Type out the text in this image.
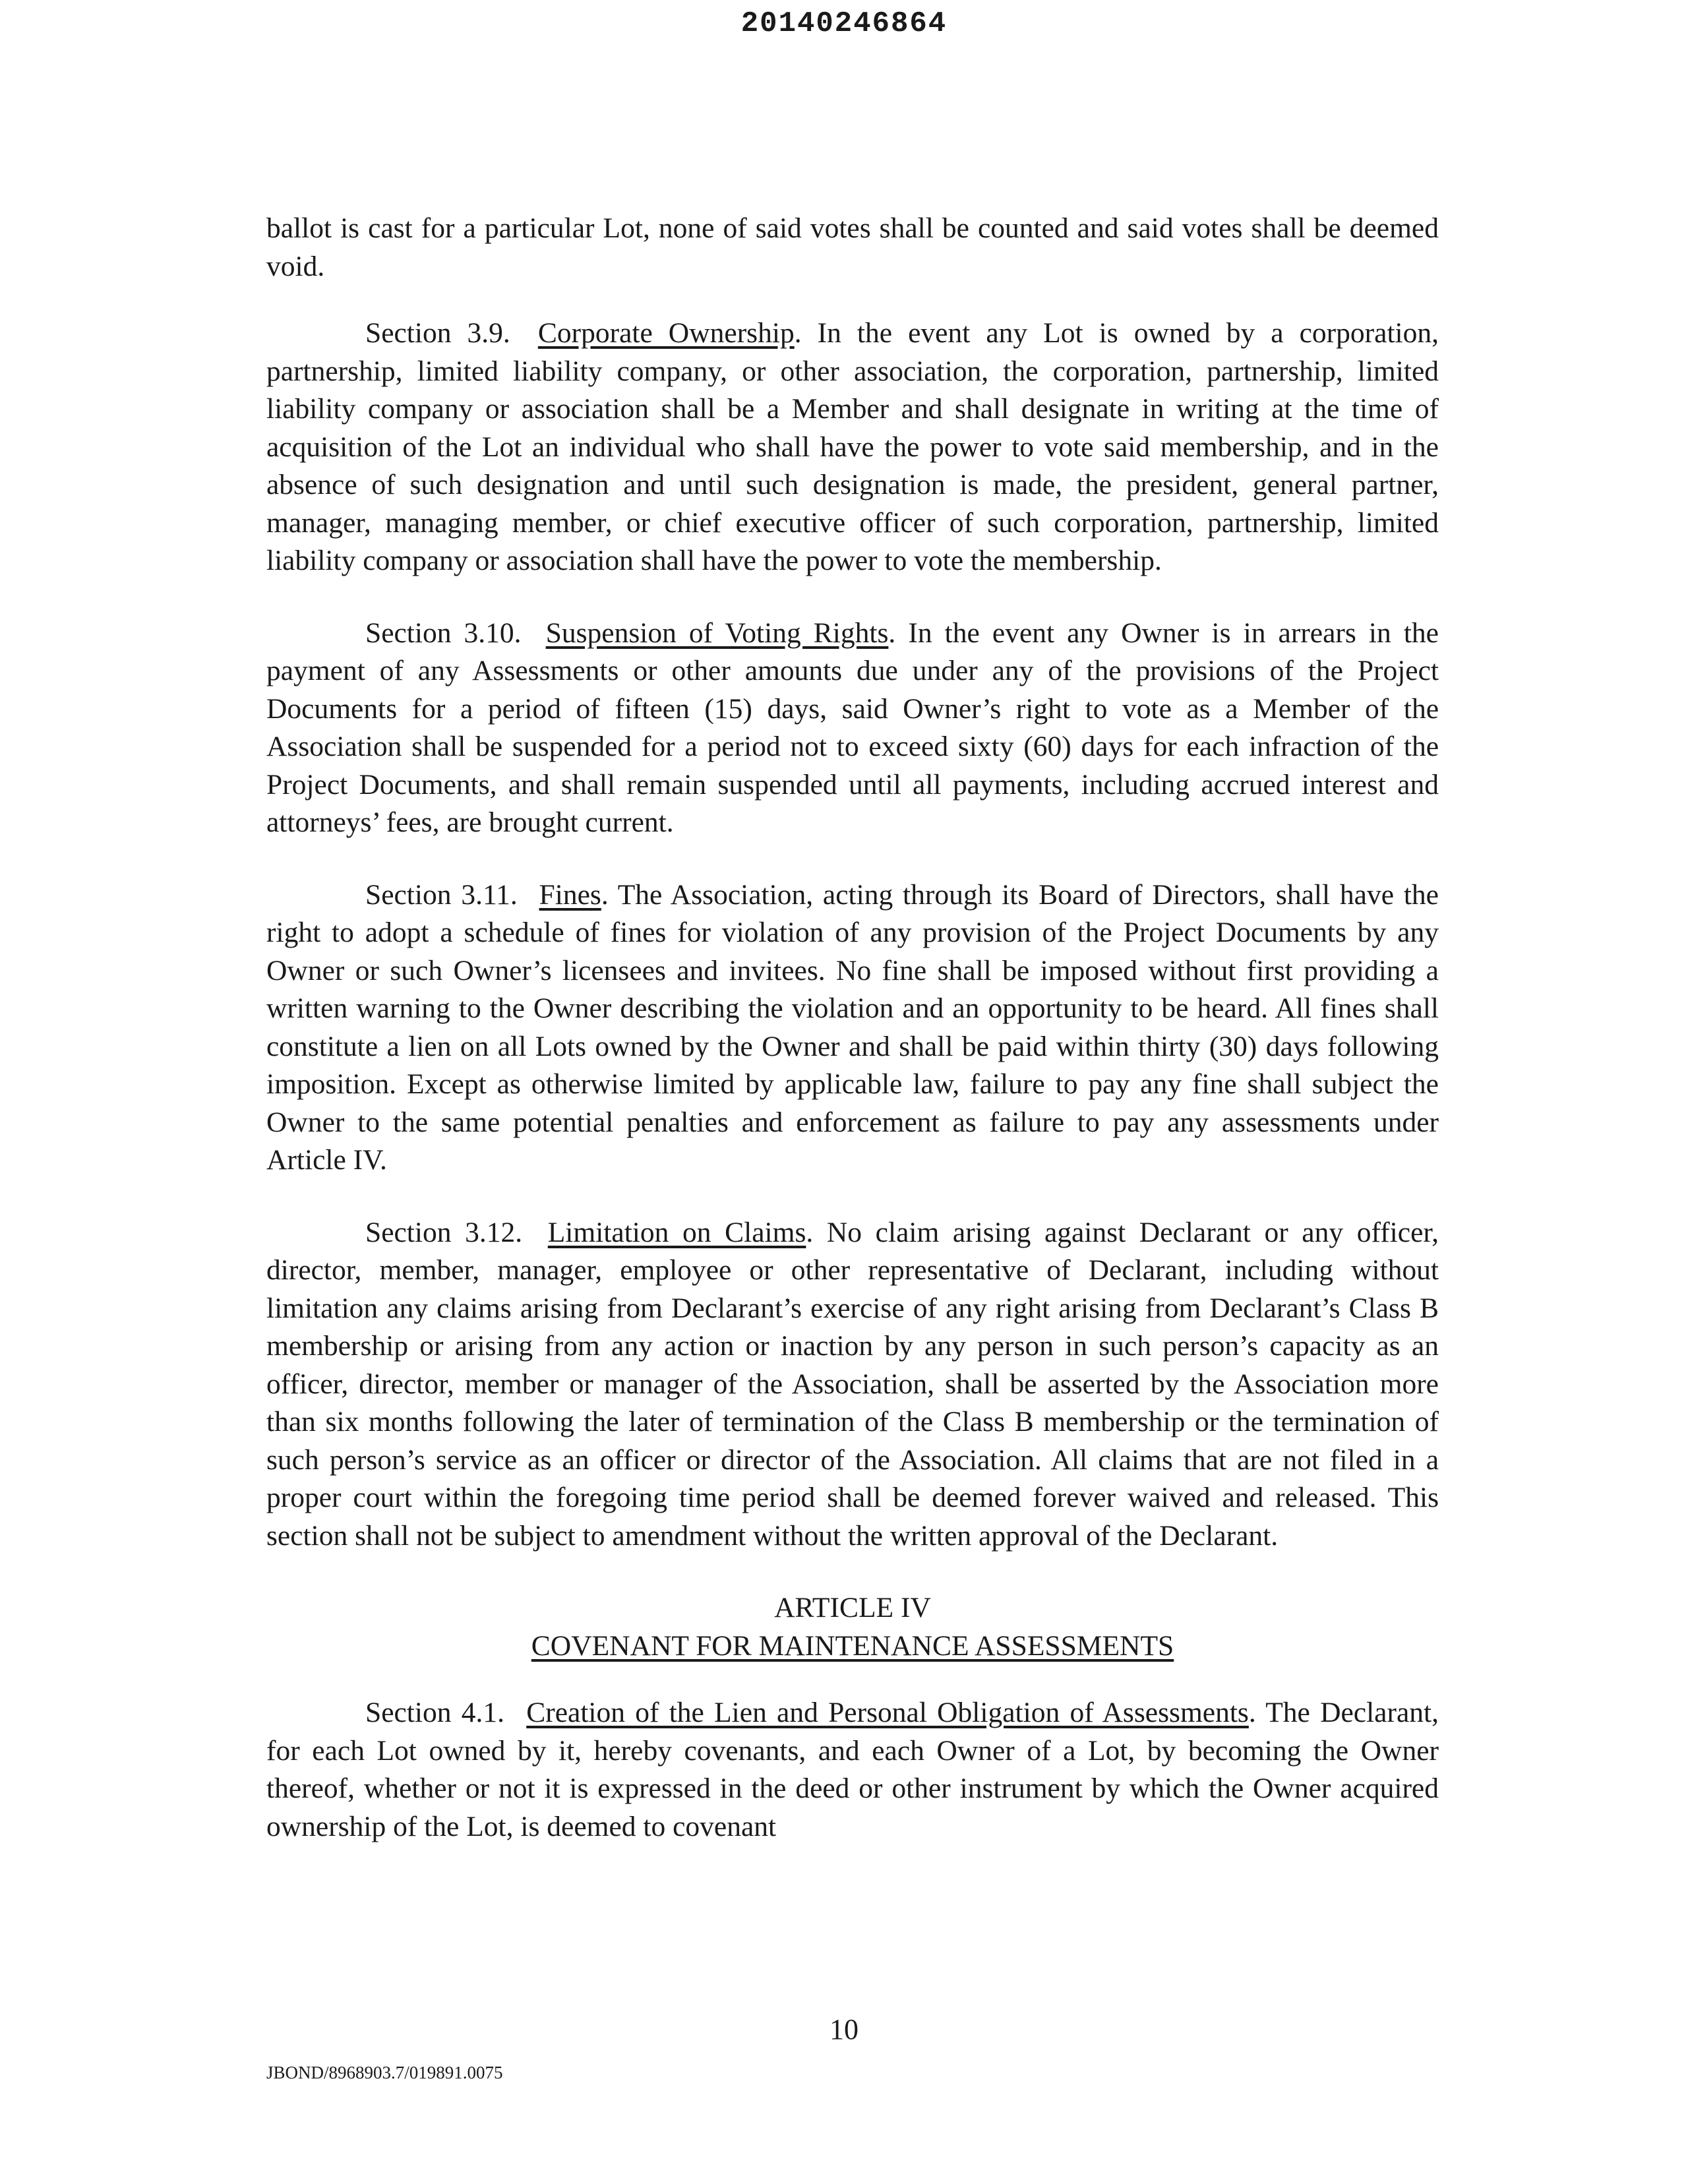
20140246864

ballot is cast for a particular Lot, none of said votes shall be counted and said votes shall be deemed void.

Section 3.9. Corporate Ownership. In the event any Lot is owned by a corporation, partnership, limited liability company, or other association, the corporation, partnership, limited liability company or association shall be a Member and shall designate in writing at the time of acquisition of the Lot an individual who shall have the power to vote said membership, and in the absence of such designation and until such designation is made, the president, general partner, manager, managing member, or chief executive officer of such corporation, partnership, limited liability company or association shall have the power to vote the membership.

Section 3.10. Suspension of Voting Rights. In the event any Owner is in arrears in the payment of any Assessments or other amounts due under any of the provisions of the Project Documents for a period of fifteen (15) days, said Owner’s right to vote as a Member of the Association shall be suspended for a period not to exceed sixty (60) days for each infraction of the Project Documents, and shall remain suspended until all payments, including accrued interest and attorneys’ fees, are brought current.

Section 3.11. Fines. The Association, acting through its Board of Directors, shall have the right to adopt a schedule of fines for violation of any provision of the Project Documents by any Owner or such Owner’s licensees and invitees. No fine shall be imposed without first providing a written warning to the Owner describing the violation and an opportunity to be heard. All fines shall constitute a lien on all Lots owned by the Owner and shall be paid within thirty (30) days following imposition. Except as otherwise limited by applicable law, failure to pay any fine shall subject the Owner to the same potential penalties and enforcement as failure to pay any assessments under Article IV.

Section 3.12. Limitation on Claims. No claim arising against Declarant or any officer, director, member, manager, employee or other representative of Declarant, including without limitation any claims arising from Declarant’s exercise of any right arising from Declarant’s Class B membership or arising from any action or inaction by any person in such person’s capacity as an officer, director, member or manager of the Association, shall be asserted by the Association more than six months following the later of termination of the Class B membership or the termination of such person’s service as an officer or director of the Association. All claims that are not filed in a proper court within the foregoing time period shall be deemed forever waived and released. This section shall not be subject to amendment without the written approval of the Declarant.

ARTICLE IV
COVENANT FOR MAINTENANCE ASSESSMENTS

Section 4.1. Creation of the Lien and Personal Obligation of Assessments. The Declarant, for each Lot owned by it, hereby covenants, and each Owner of a Lot, by becoming the Owner thereof, whether or not it is expressed in the deed or other instrument by which the Owner acquired ownership of the Lot, is deemed to covenant

10
JBOND/8968903.7/019891.0075
